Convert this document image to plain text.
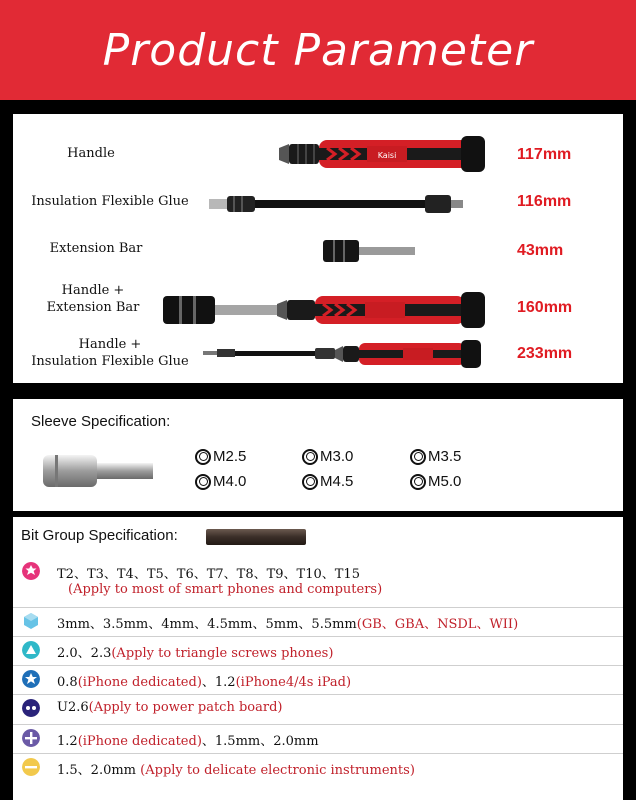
Product Parameter
Handle	Kaisi	117mm
Insulation Flexible Glue	116mm
Extension Bar	43mm
Handle +
Extension Bar	160mm
Handle +
Insulation Flexible Glue	233mm
Sleeve Specification:
M2.5	M3.0	M3.5
M4.0	M4.5	M5.0
Bit Group Specification:
T2、T3、T4、T5、T6、T7、T8、T9、T10、T15
(Apply to most of smart phones and computers)
3mm、3.5mm、4mm、4.5mm、5mm、5.5mm(GB、GBA、NSDL、WII)
2.0、2.3(Apply to triangle screws phones)
0.8(iPhone dedicated)、1.2(iPhone4/4s iPad)
U2.6(Apply to power patch board)
1.2(iPhone dedicated)、1.5mm、2.0mm
1.5、2.0mm (Apply to delicate electronic instruments)
